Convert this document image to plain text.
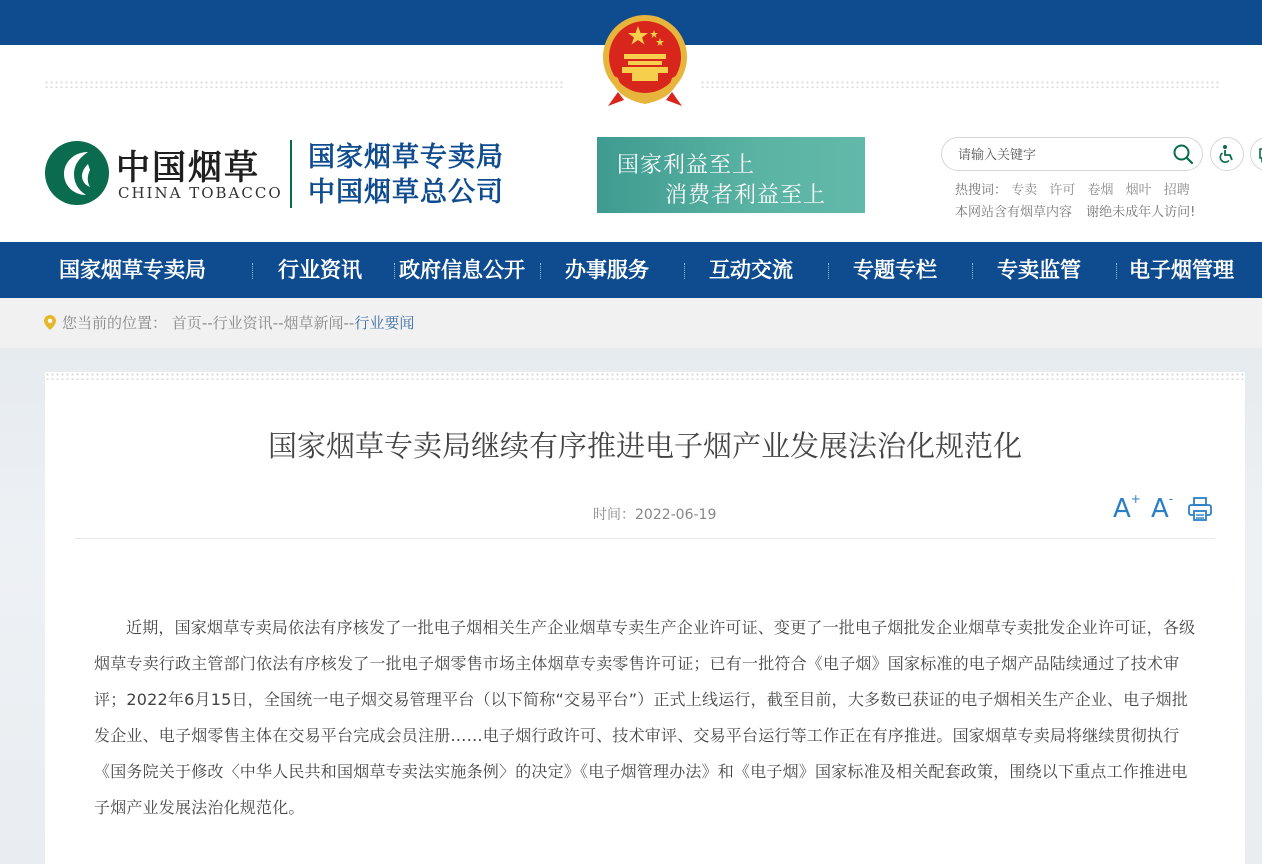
中国烟草
CHINA TOBACCO
国家烟草专卖局
中国烟草总公司
国家利益至上
消费者利益至上
请输入关键字	热搜词： 专卖 许可 卷烟 烟叶 招聘
本网站含有烟草内容 谢绝未成年人访问!
国家烟草专卖局	行业资讯 政府信息公开 办事服务	互动交流	专题专栏	专卖监管 电子烟管理
您当前的位置： 首页--行业资讯--烟草新闻--行业要闻
国家烟草专卖局继续有序推进电子烟产业发展法治化规范化
时间：2022-06-19	A+ A-
近期，国家烟草专卖局依法有序核发了一批电子烟相关生产企业烟草专卖生产企业许可证、变更了一批电子烟批发企业烟草专卖批发企业许可证，各级烟草专卖行政主管部门依法有序核发了一批电子烟零售市场主体烟草专卖零售许可证；已有一批符合《电子烟》国家标准的电子烟产品陆续通过了技术审评；2022年6月15日，全国统一电子烟交易管理平台（以下简称“交易平台”）正式上线运行，截至目前，大多数已获证的电子烟相关生产企业、电子烟批发企业、电子烟零售主体在交易平台完成会员注册……电子烟行政许可、技术审评、交易平台运行等工作正在有序推进。国家烟草专卖局将继续贯彻执行《国务院关于修改〈中华人民共和国烟草专卖法实施条例〉的决定》《电子烟管理办法》和《电子烟》国家标准及相关配套政策，围绕以下重点工作推进电子烟产业发展法治化规范化。
